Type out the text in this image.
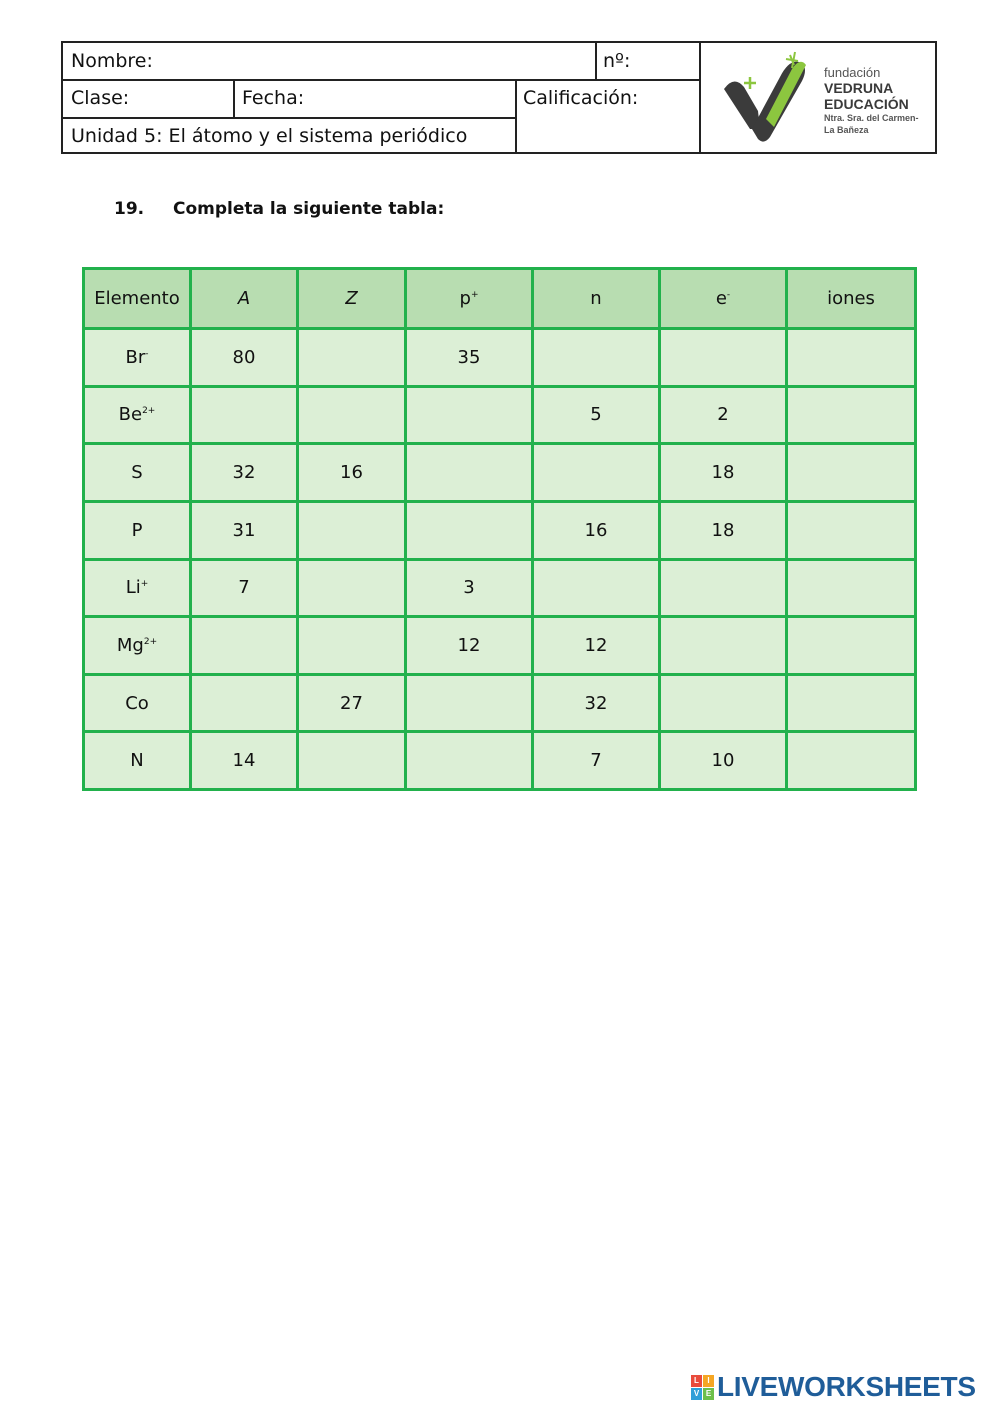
Nombre:	nº:
Clase:	Fecha:	Calificación:
Unidad 5: El átomo y el sistema periódico
fundación
VEDRUNA
EDUCACIÓN
Ntra. Sra. del Carmen-
La Bañeza
19. Completa la siguiente tabla:
Elemento	A	Z	p+	n	e-	iones
Br-	80		35			
$Be^{2+}$				5	2	
S	32	16			18	
P	31			16	18	
Li+	7		3			
$Mg^{2+}$			12	12		
Co		27		32		
N	14			7	10	
L	I
V E LIVEWORKSHEETS
